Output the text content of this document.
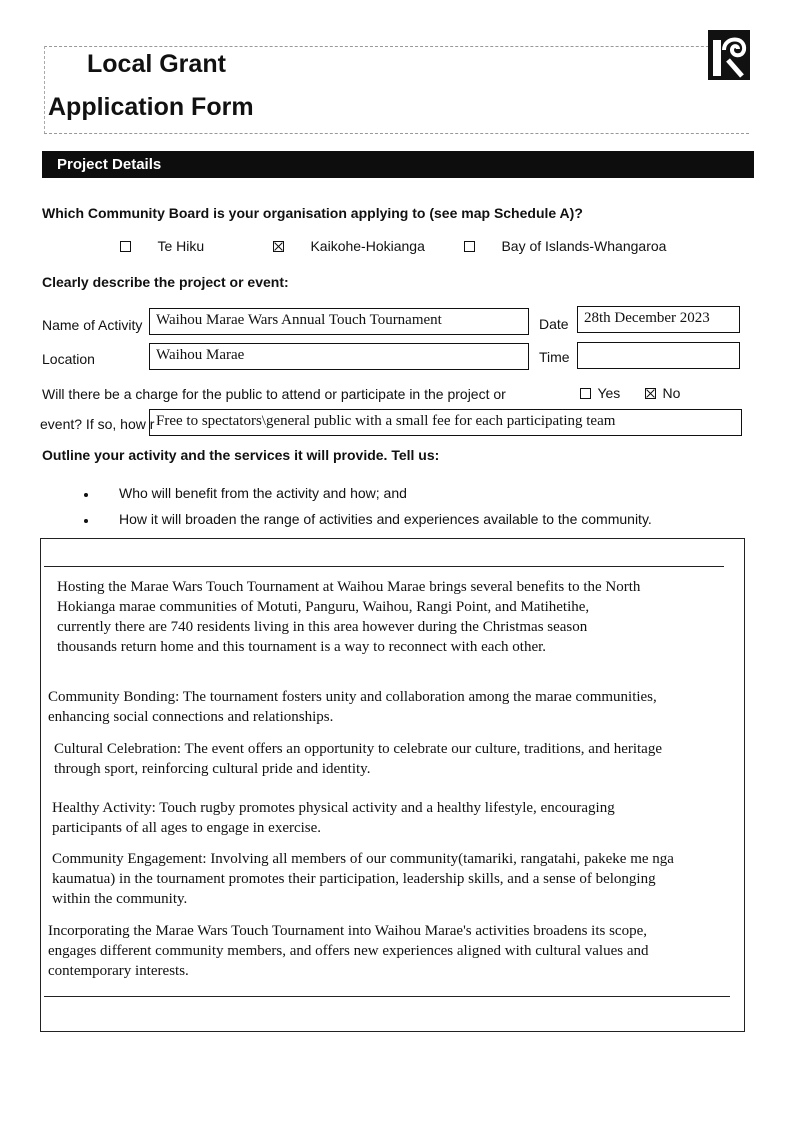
Local Grant
Application Form
Project Details
Which Community Board is your organisation applying to (see map Schedule A)?
Te Hiku	Kaikohe-Hokianga	Bay of Islands-Whangaroa
Clearly describe the project or event:
Name of Activity Waihou Marae Wars Annual Touch Tournament	Date	28th December 2023
Location	Waihou Marae	Time
Will there be a charge for the public to attend or participate in the project or	Yes	No
event? If so, how r Free to spectators\general public with a small fee for each participating team
Outline your activity and the services it will provide. Tell us:
Who will benefit from the activity and how; and
How it will broaden the range of activities and experiences available to the community.
Hosting the Marae Wars Touch Tournament at Waihou Marae brings several benefits to the North
Hokianga marae communities of Motuti, Panguru, Waihou, Rangi Point, and Matihetihe,
currently there are 740 residents living in this area however during the Christmas season
thousands return home and this tournament is a way to reconnect with each other.
Community Bonding: The tournament fosters unity and collaboration among the marae communities,
enhancing social connections and relationships.
Cultural Celebration: The event offers an opportunity to celebrate our culture, traditions, and heritage
through sport, reinforcing cultural pride and identity.
Healthy Activity: Touch rugby promotes physical activity and a healthy lifestyle, encouraging
participants of all ages to engage in exercise.
Community Engagement: Involving all members of our community(tamariki, rangatahi, pakeke me nga
kaumatua) in the tournament promotes their participation, leadership skills, and a sense of belonging
within the community.
Incorporating the Marae Wars Touch Tournament into Waihou Marae's activities broadens its scope,
engages different community members, and offers new experiences aligned with cultural values and
contemporary interests.
